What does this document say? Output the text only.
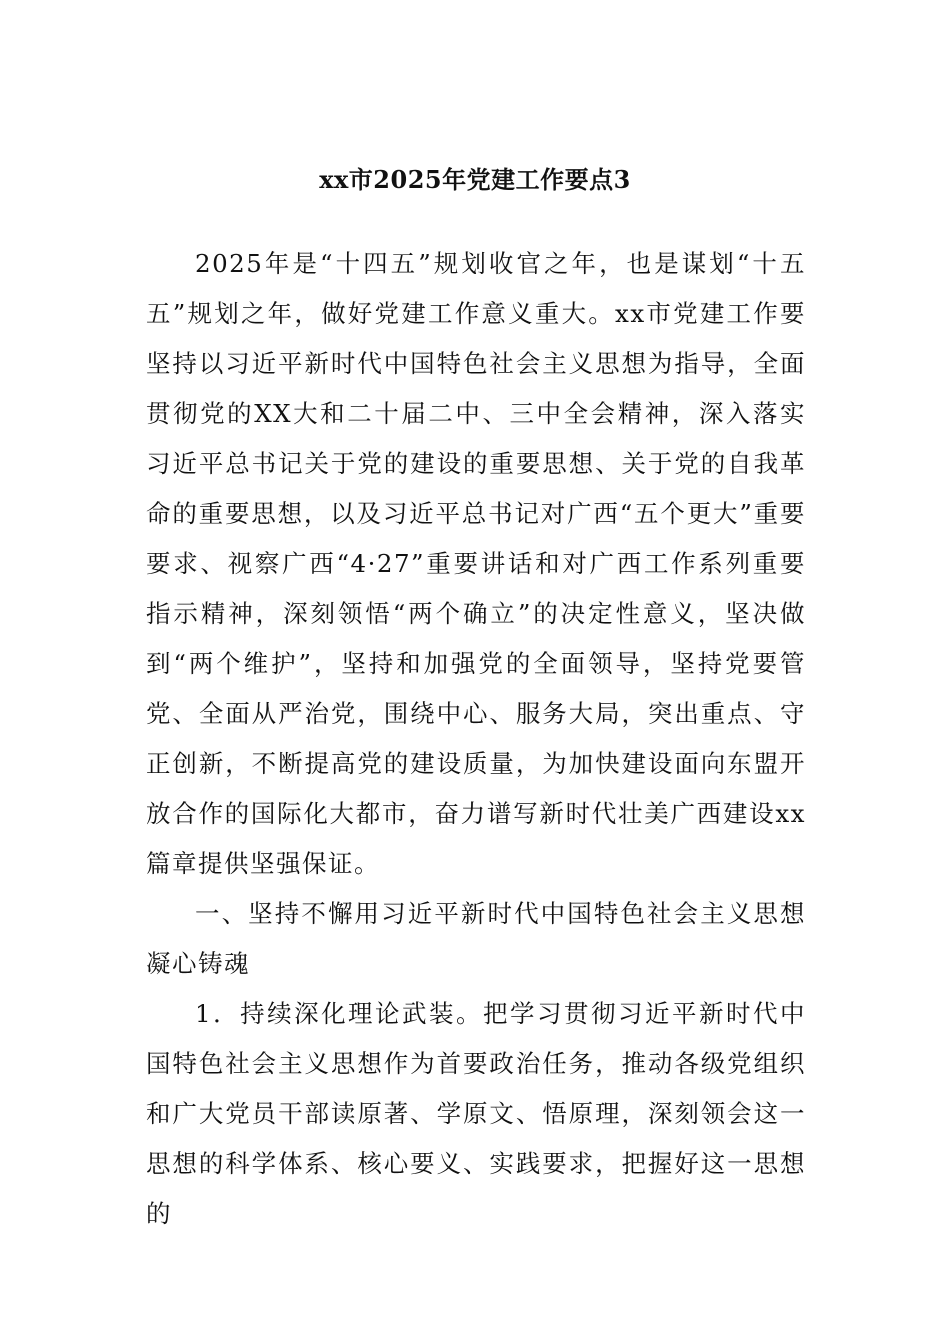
xx市2025年党建工作要点3

2025年是“十四五”规划收官之年，也是谋划“十五五”规划之年，做好党建工作意义重大。xx市党建工作要坚持以习近平新时代中国特色社会主义思想为指导，全面贯彻党的XX大和二十届二中、三中全会精神，深入落实习近平总书记关于党的建设的重要思想、关于党的自我革命的重要思想，以及习近平总书记对广西“五个更大”重要要求、视察广西“4·27”重要讲话和对广西工作系列重要指示精神，深刻领悟“两个确立”的决定性意义，坚决做到“两个维护”，坚持和加强党的全面领导，坚持党要管党、全面从严治党，围绕中心、服务大局，突出重点、守正创新，不断提高党的建设质量，为加快建设面向东盟开放合作的国际化大都市，奋力谱写新时代壮美广西建设xx篇章提供坚强保证。

一、坚持不懈用习近平新时代中国特色社会主义思想凝心铸魂

1．持续深化理论武装。把学习贯彻习近平新时代中国特色社会主义思想作为首要政治任务，推动各级党组织和广大党员干部读原著、学原文、悟原理，深刻领会这一思想的科学体系、核心要义、实践要求，把握好这一思想的
